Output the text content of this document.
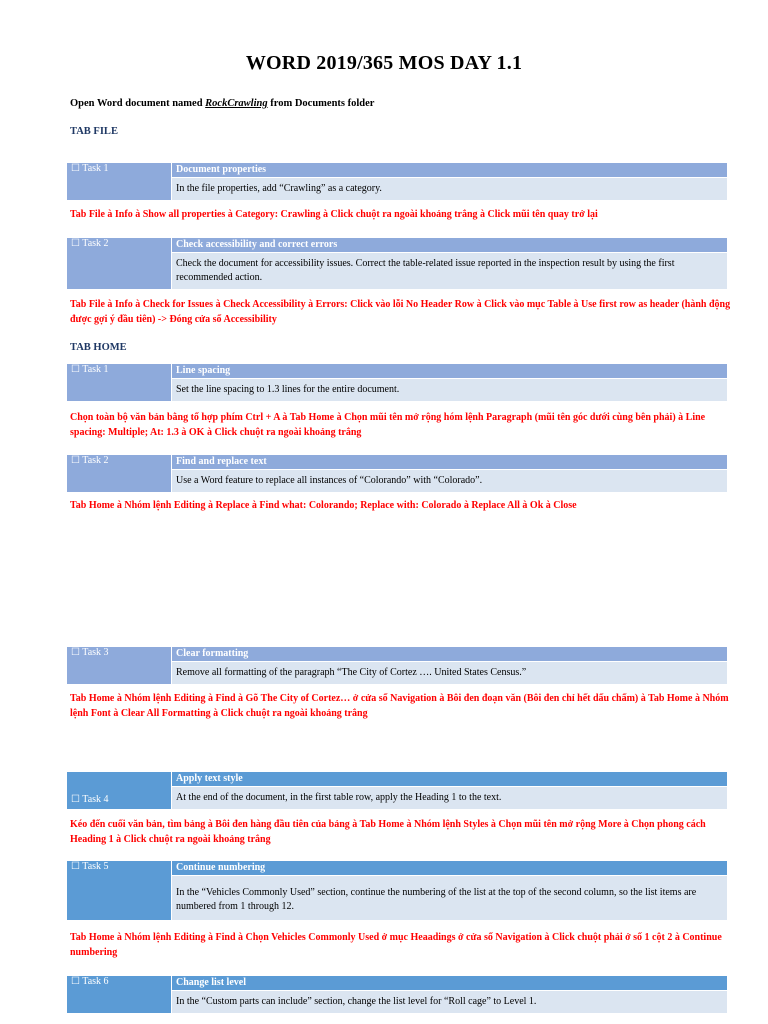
WORD 2019/365 MOS DAY 1.1
Open Word document named RockCrawling from Documents folder
TAB FILE
☐ Task 1	Document properties
In the file properties, add “Crawling” as a category.
Tab File à Info à Show all properties à Category: Crawling à Click chuột ra ngoài khoảng trắng à Click mũi tên quay trở lại
☐ Task 2	Check accessibility and correct errors
Check the document for accessibility issues. Correct the table-related issue reported in the inspection result by using the first recommended action.
Tab File à Info à Check for Issues à Check Accessibility à Errors: Click vào lỗi No Header Row à Click vào mục Table à Use first row as header (hành động được gợi ý đầu tiên) -> Đóng cửa sổ Accessibility
TAB HOME
☐ Task 1	Line spacing
Set the line spacing to 1.3 lines for the entire document.
Chọn toàn bộ văn bản bằng tổ hợp phím Ctrl + A à Tab Home à Chọn mũi tên mở rộng hóm lệnh Paragraph (mũi tên góc dưới cùng bên phải) à Line spacing: Multiple; At: 1.3 à OK à Click chuột ra ngoài khoảng trắng
☐ Task 2	Find and replace text
Use a Word feature to replace all instances of “Colorando” with “Colorado”.
Tab Home à Nhóm lệnh Editing à Replace à Find what: Colorando; Replace with: Colorado à Replace All à Ok à Close
☐ Task 3	Clear formatting
Remove all formatting of the paragraph “The City of Cortez …. United States Census.”
Tab Home à Nhóm lệnh Editing à Find à Gõ The City of Cortez… ở cửa sổ Navigation à Bôi đen đoạn văn (Bôi đen chỉ hết dấu chấm) à Tab Home à Nhóm lệnh Font à Clear All Formatting à Click chuột ra ngoài khoảng trắng
☐ Task 4	Apply text style
At the end of the document, in the first table row, apply the Heading 1 to the text.
Kéo đến cuối văn bản, tìm bảng à Bôi đen hàng đầu tiên của bảng à Tab Home à Nhóm lệnh Styles à Chọn mũi tên mở rộng More à Chọn phong cách Heading 1 à Click chuột ra ngoài khoảng trắng
☐ Task 5	Continue numbering
In the “Vehicles Commonly Used” section, continue the numbering of the list at the top of the second column, so the list items are numbered from 1 through 12.
Tab Home à Nhóm lệnh Editing à Find à Chọn Vehicles Commonly Used ở mục Heaadings ở cửa sổ Navigation à Click chuột phải ở số 1 cột 2 à Continue numbering
☐ Task 6	Change list level
In the “Custom parts can include” section, change the list level for “Roll cage” to Level 1.
